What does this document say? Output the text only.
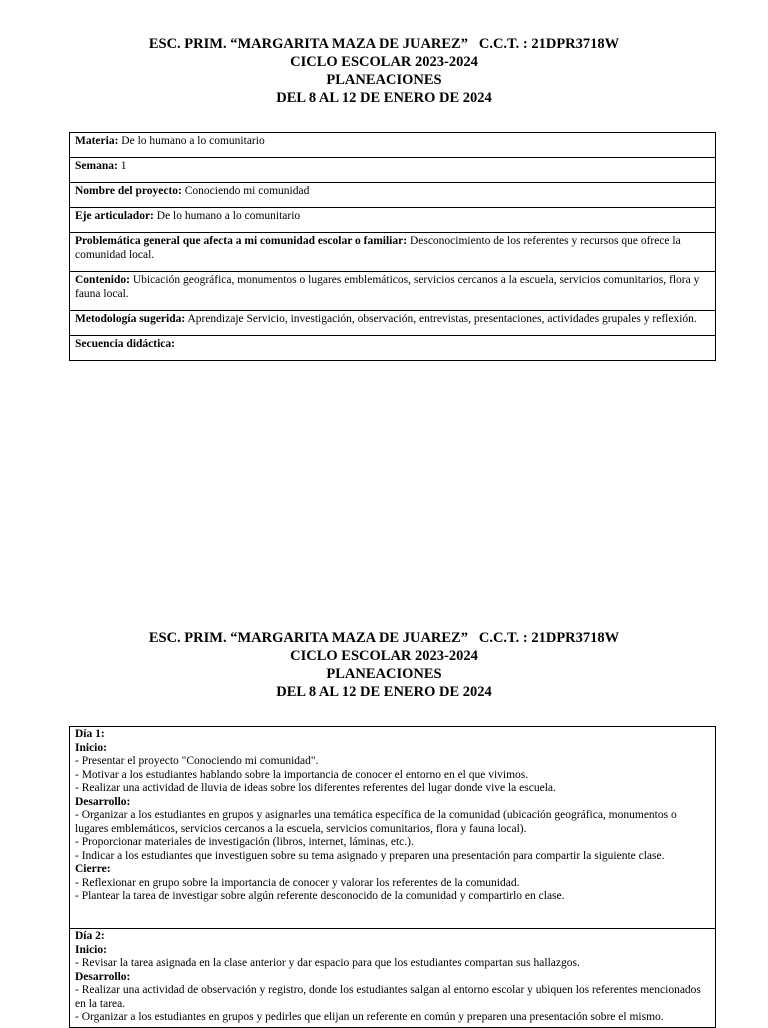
ESC. PRIM. “MARGARITA MAZA DE JUAREZ”   C.C.T. : 21DPR3718W
CICLO ESCOLAR 2023-2024
PLANEACIONES
DEL 8 AL 12 DE ENERO DE 2024
Materia: De lo humano a lo comunitario
Semana: 1
Nombre del proyecto: Conociendo mi comunidad
Eje articulador: De lo humano a lo comunitario
Problemática general que afecta a mi comunidad escolar o familiar: Desconocimiento de los referentes y recursos que ofrece la comunidad local.
Contenido: Ubicación geográfica, monumentos o lugares emblemáticos, servicios cercanos a la escuela, servicios comunitarios, flora y fauna local.
Metodología sugerida: Aprendizaje Servicio, investigación, observación, entrevistas, presentaciones, actividades grupales y reflexión.
Secuencia didáctica:
ESC. PRIM. “MARGARITA MAZA DE JUAREZ”   C.C.T. : 21DPR3718W
CICLO ESCOLAR 2023-2024
PLANEACIONES
DEL 8 AL 12 DE ENERO DE 2024
Día 1:
Inicio:
- Presentar el proyecto "Conociendo mi comunidad".
- Motivar a los estudiantes hablando sobre la importancia de conocer el entorno en el que vivimos.
- Realizar una actividad de lluvia de ideas sobre los diferentes referentes del lugar donde vive la escuela.
Desarrollo:
- Organizar a los estudiantes en grupos y asignarles una temática específica de la comunidad (ubicación geográfica, monumentos o lugares emblemáticos, servicios cercanos a la escuela, servicios comunitarios, flora y fauna local).
- Proporcionar materiales de investigación (libros, internet, láminas, etc.).
- Indicar a los estudiantes que investiguen sobre su tema asignado y preparen una presentación para compartir la siguiente clase.
Cierre:
- Reflexionar en grupo sobre la importancia de conocer y valorar los referentes de la comunidad.
- Plantear la tarea de investigar sobre algún referente desconocido de la comunidad y compartirlo en clase.

Día 2:
Inicio:
- Revisar la tarea asignada en la clase anterior y dar espacio para que los estudiantes compartan sus hallazgos.
Desarrollo:
- Realizar una actividad de observación y registro, donde los estudiantes salgan al entorno escolar y ubiquen los referentes mencionados en la tarea.
- Organizar a los estudiantes en grupos y pedirles que elijan un referente en común y preparen una presentación sobre el mismo.
